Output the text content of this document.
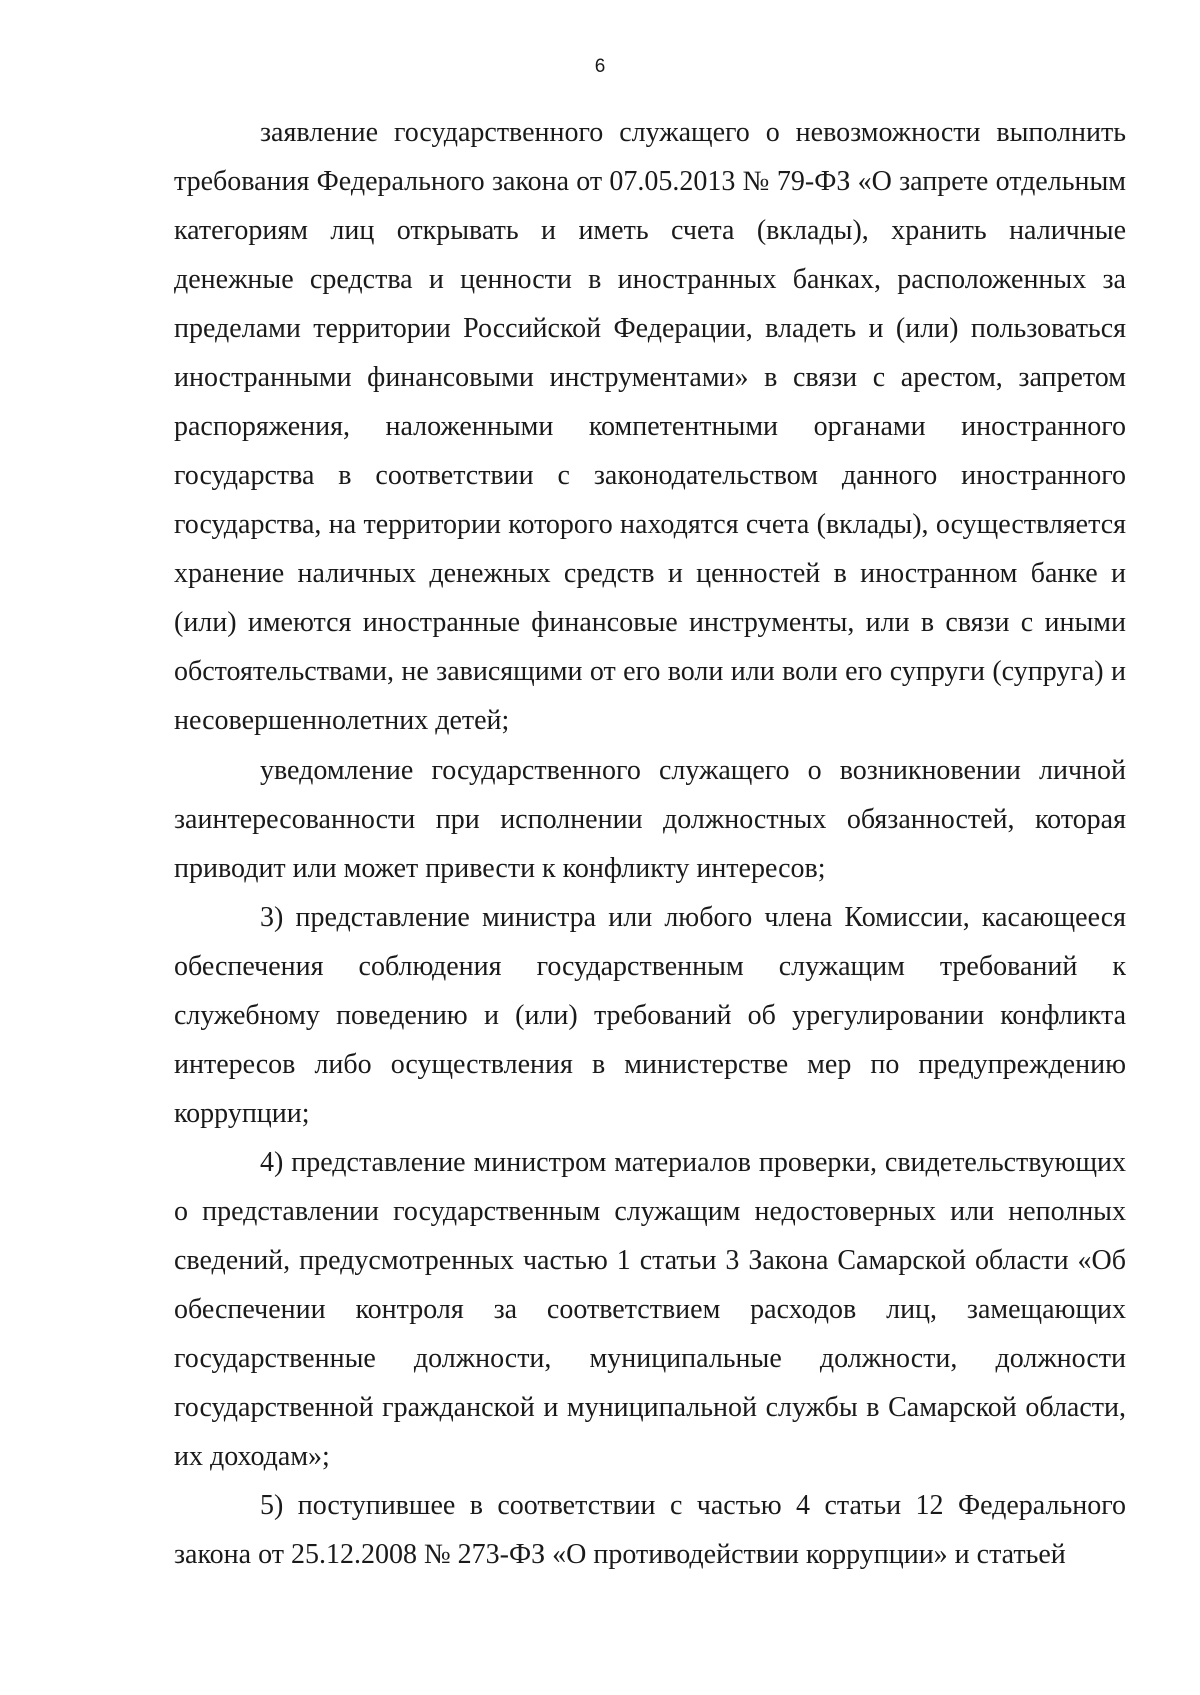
6

заявление государственного служащего о невозможности выполнить требования Федерального закона от 07.05.2013 № 79-ФЗ «О запрете отдельным категориям лиц открывать и иметь счета (вклады), хранить наличные денежные средства и ценности в иностранных банках, расположенных за пределами территории Российской Федерации, владеть и (или) пользоваться иностранными финансовыми инструментами» в связи с арестом, запретом распоряжения, наложенными компетентными органами иностранного государства в соответствии с законодательством данного иностранного государства, на территории которого находятся счета (вклады), осуществляется хранение наличных денежных средств и ценностей в иностранном банке и (или) имеются иностранные финансовые инструменты, или в связи с иными обстоятельствами, не зависящими от его воли или воли его супруги (супруга) и несовершеннолетних детей;

уведомление государственного служащего о возникновении личной заинтересованности при исполнении должностных обязанностей, которая приводит или может привести к конфликту интересов;

3) представление министра или любого члена Комиссии, касающееся обеспечения соблюдения государственным служащим требований к служебному поведению и (или) требований об урегулировании конфликта интересов либо осуществления в министерстве мер по предупреждению коррупции;

4) представление министром материалов проверки, свидетельствующих о представлении государственным служащим недостоверных или неполных сведений, предусмотренных частью 1 статьи 3 Закона Самарской области «Об обеспечении контроля за соответствием расходов лиц, замещающих государственные должности, муниципальные должности, должности государственной гражданской и муниципальной службы в Самарской области, их доходам»;

5) поступившее в соответствии с частью 4 статьи 12 Федерального закона от 25.12.2008 № 273-ФЗ «О противодействии коррупции» и статьей
